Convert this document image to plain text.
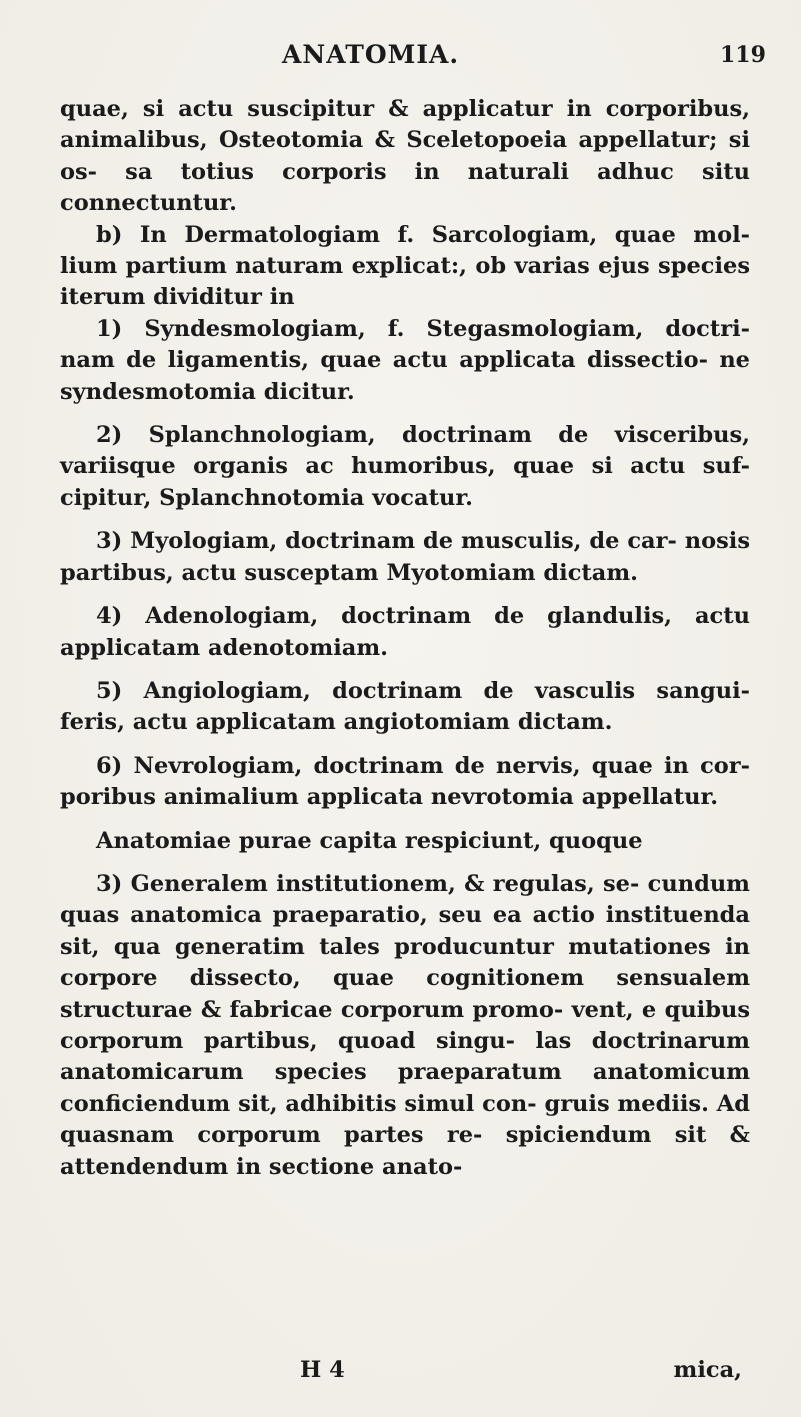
ANATOMIA.	119

quae, si actu suscipitur & applicatur in corporibus, animalibus, Osteotomia & Sceletopoeia appellatur; si os- sa totius corporis in naturali adhuc situ connectuntur.

b) In Dermatologiam f. Sarcologiam, quae mol- lium partium naturam explicat:, ob varias ejus species iterum dividitur in

1) Syndesmologiam, f. Stegasmologiam, doctri- nam de ligamentis, quae actu applicata dissectio- ne syndesmotomia dicitur.

2) Splanchnologiam, doctrinam de visceribus, variisque organis ac humoribus, quae si actu suf- cipitur, Splanchnotomia vocatur.

3) Myologiam, doctrinam de musculis, de car- nosis partibus, actu susceptam Myotomiam dictam.

4) Adenologiam, doctrinam de glandulis, actu applicatam adenotomiam.

5) Angiologiam, doctrinam de vasculis sangui- feris, actu applicatam angiotomiam dictam.

6) Nevrologiam, doctrinam de nervis, quae in cor- poribus animalium applicata nevrotomia appellatur.

Anatomiae purae capita respiciunt, quoque

3) Generalem institutionem, & regulas, se- cundum quas anatomica praeparatio, seu ea actio instituenda sit, qua generatim tales producuntur mutationes in corpore dissecto, quae cognitionem sensualem structurae & fabricae corporum promo- vent, e quibus corporum partibus, quoad singu- las doctrinarum anatomicarum species praeparatum anatomicum conficiendum sit, adhibitis simul con- gruis mediis. Ad quasnam corporum partes re- spiciendum sit & attendendum in sectione anato-

H 4	mica,
